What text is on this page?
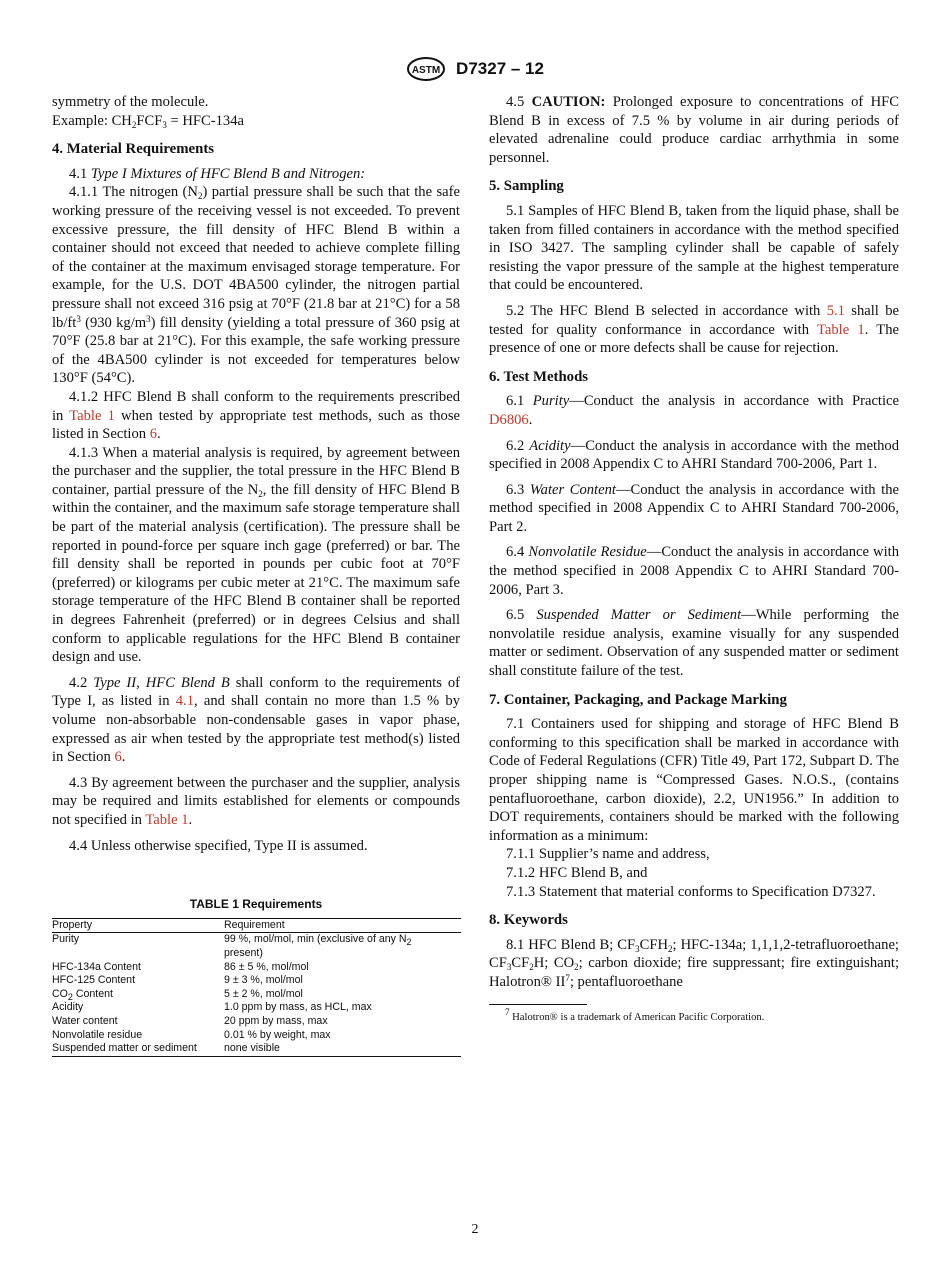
ASTM D7327 – 12

symmetry of the molecule.

Example: $CH_2FCF_3 = HFC-134a$

4. Material Requirements

4.1 Type I Mixtures of HFC Blend B and Nitrogen:

4.1.1 The nitrogen $(N_2)$ partial pressure shall be such that the safe working pressure of the receiving vessel is not exceeded. To prevent excessive pressure, the fill density of HFC Blend B within a container should not exceed that needed to achieve complete filling of the container at the maximum envisaged storage temperature. For example, for the U.S. DOT 4BA500 cylinder, the nitrogen partial pressure shall not exceed 316 psig at 70°F (21.8 bar at 21°C) for a 58 $lb/ft^3$ (930 $kg/m^3$) fill density (yielding a total pressure of 360 psig at 70°F (25.8 bar at 21°C). For this example, the safe working pressure of the 4BA500 cylinder is not exceeded for temperatures below 130°F (54°C).

4.1.2 HFC Blend B shall conform to the requirements prescribed in Table 1 when tested by appropriate test methods, such as those listed in Section 6.

4.1.3 When a material analysis is required, by agreement between the purchaser and the supplier, the total pressure in the HFC Blend B container, partial pressure of the $N_2$, the fill density of HFC Blend B within the container, and the maximum safe storage temperature shall be part of the material analysis (certification). The pressure shall be reported in pound-force per square inch gage (preferred) or bar. The fill density shall be reported in pounds per cubic foot at 70°F (preferred) or kilograms per cubic meter at 21°C. The maximum safe storage temperature of the HFC Blend B container shall be reported in degrees Fahrenheit (preferred) or in degrees Celsius and shall conform to applicable regulations for the HFC Blend B container design and use.

4.2 Type II, HFC Blend B shall conform to the requirements of Type I, as listed in 4.1, and shall contain no more than 1.5 % by volume non-absorbable non-condensable gases in vapor phase, expressed as air when tested by the appropriate test method(s) listed in Section 6.

4.3 By agreement between the purchaser and the supplier, analysis may be required and limits established for elements or compounds not specified in Table 1.

4.4 Unless otherwise specified, Type II is assumed.

TABLE 1 Requirements

Property	Requirement
Purity	99 %, mol/mol, min (exclusive of any $N_2$
present)
HFC-134a Content	86 ± 5 %, mol/mol
HFC-125 Content	9 ± 3 %, mol/mol
$CO_2$ Content	5 ± 2 %, mol/mol
Acidity	1.0 ppm by mass, as HCL, max
Water content	20 ppm by mass, max
Nonvolatile residue	0.01 % by weight, max
Suspended matter or sediment	none visible

4.5 CAUTION: Prolonged exposure to concentrations of HFC Blend B in excess of 7.5 % by volume in air during periods of elevated adrenaline could produce cardiac arrhythmia in some personnel.

5. Sampling

5.1 Samples of HFC Blend B, taken from the liquid phase, shall be taken from filled containers in accordance with the method specified in ISO 3427. The sampling cylinder shall be capable of safely resisting the vapor pressure of the sample at the highest temperature that could be encountered.

5.2 The HFC Blend B selected in accordance with 5.1 shall be tested for quality conformance in accordance with Table 1. The presence of one or more defects shall be cause for rejection.

6. Test Methods

6.1 Purity—Conduct the analysis in accordance with Practice D6806.

6.2 Acidity—Conduct the analysis in accordance with the method specified in 2008 Appendix C to AHRI Standard 700-2006, Part 1.

6.3 Water Content—Conduct the analysis in accordance with the method specified in 2008 Appendix C to AHRI Standard 700-2006, Part 2.

6.4 Nonvolatile Residue—Conduct the analysis in accordance with the method specified in 2008 Appendix C to AHRI Standard 700-2006, Part 3.

6.5 Suspended Matter or Sediment—While performing the nonvolatile residue analysis, examine visually for any suspended matter or sediment. Observation of any suspended matter or sediment shall constitute failure of the test.

7. Container, Packaging, and Package Marking

7.1 Containers used for shipping and storage of HFC Blend B conforming to this specification shall be marked in accordance with Code of Federal Regulations (CFR) Title 49, Part 172, Subpart D. The proper shipping name is “Compressed Gases. N.O.S., (contains pentafluoroethane, carbon dioxide), 2.2, UN1956.” In addition to DOT requirements, containers should be marked with the following information as a minimum:

7.1.1 Supplier’s name and address,

7.1.2 HFC Blend B, and

7.1.3 Statement that material conforms to Specification D7327.

8. Keywords

8.1 HFC Blend B; $CF_3CFH_2$; HFC-134a; 1,1,1,2-tetrafluoroethane; $CF_3CF_2H$; $CO_2$; carbon dioxide; fire suppressant; fire extinguishant; Halotron® $II^7$; pentafluoroethane

$^7$ Halotron® is a trademark of American Pacific Corporation.

2
